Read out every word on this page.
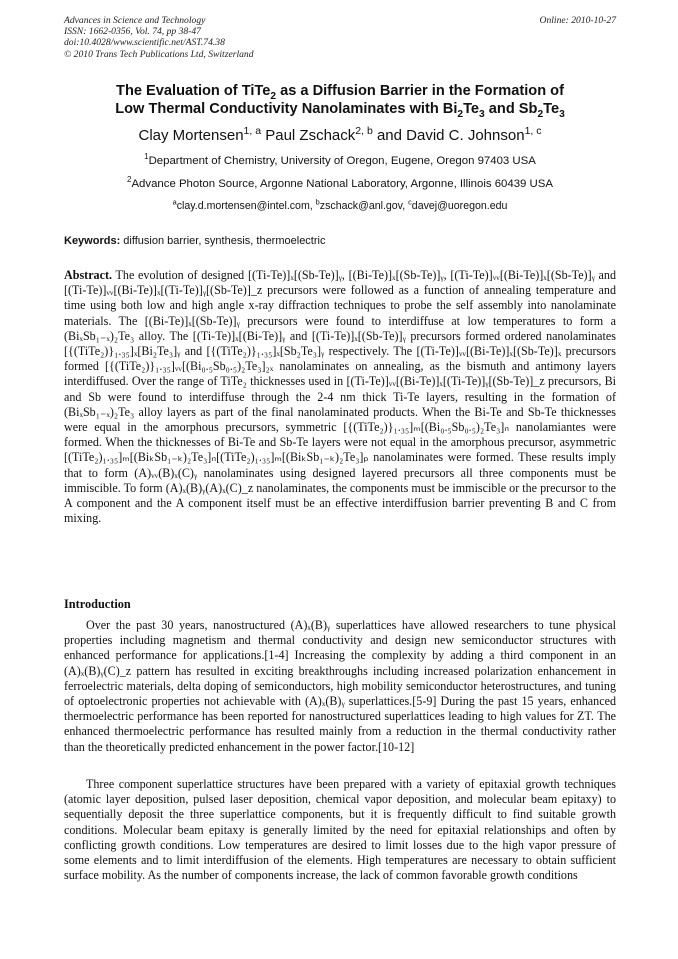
Advances in Science and Technology
ISSN: 1662-0356, Vol. 74, pp 38-47
doi:10.4028/www.scientific.net/AST.74.38
© 2010 Trans Tech Publications Ltd, Switzerland
Online: 2010-10-27
The Evaluation of TiTe$_2$ as a Diffusion Barrier in the Formation of
Low Thermal Conductivity Nanolaminates with $Bi_2Te_3$ and $Sb_2Te_3$
Clay Mortensen$^{1, a}$ Paul Zschack$^{2, b}$ and David C. Johnson$^{1, c}$
$^1$Department of Chemistry, University of Oregon, Eugene, Oregon 97403 USA
$^2$Advance Photon Source, Argonne National Laboratory, Argonne, Illinois 60439 USA
$^a$clay.d.mortensen@intel.com, $^b$zschack@anl.gov, $^c$davej@uoregon.edu
Keywords: diffusion barrier, synthesis, thermoelectric
Abstract. The evolution of designed [(Ti-Te)]ₓ[(Sb-Te)]ᵧ, [(Bi-Te)]ₓ[(Sb-Te)]ᵧ, [(Ti-Te)]ᵥᵥ[(Bi-Te)]ₓ[(Sb-Te)]ᵧ and [(Ti-Te)]ᵥᵥ[(Bi-Te)]ₓ[(Ti-Te)]ᵧ[(Sb-Te)]_z precursors were followed as a function of annealing temperature and time using both low and high angle x-ray diffraction techniques to probe the self assembly into nanolaminate materials. The [(Bi-Te)]ₓ[(Sb-Te)]ᵧ precursors were found to interdiffuse at low temperatures to form a (BiₓSb₁₋ₓ)₂Te₃ alloy. The [(Ti-Te)]ₓ[(Bi-Te)]ᵧ and [(Ti-Te)]ₓ[(Sb-Te)]ᵧ precursors formed ordered nanolaminates [{(TiTe₂)}₁.₃₅]ₓ[Bi₂Te₃]ᵧ and [{(TiTe₂)}₁.₃₅]ₓ[Sb₂Te₃]ᵧ respectively. The [(Ti-Te)]ᵥᵥ[(Bi-Te)]ₓ[(Sb-Te)]ₓ precursors formed [{(TiTe₂)}₁.₃₅]ᵥᵥ[(Bi₀.₅Sb₀.₅)₂Te₃]₂ₓ nanolaminates on annealing, as the bismuth and antimony layers interdiffused. Over the range of TiTe₂ thicknesses used in [(Ti-Te)]ᵥᵥ[(Bi-Te)]ₓ[(Ti-Te)]ᵧ[(Sb-Te)]_z precursors, Bi and Sb were found to interdiffuse through the 2-4 nm thick Ti-Te layers, resulting in the formation of (BiₓSb₁₋ₓ)₂Te₃ alloy layers as part of the final nanolaminated products. When the Bi-Te and Sb-Te thicknesses were equal in the amorphous precursors, symmetric [{(TiTe₂)}₁.₃₅]ₘ[(Bi₀.₅Sb₀.₅)₂Te₃]ₙ nanolamiantes were formed. When the thicknesses of Bi-Te and Sb-Te layers were not equal in the amorphous precursor, asymmetric [(TiTe₂)₁.₃₅]ₘ[(BiₖSb₁₋ₖ)₂Te₃]ₙ[(TiTe₂)₁.₃₅]ₘ[(BiₖSb₁₋ₖ)₂Te₃]ₚ nanolaminates were formed. These results imply that to form (A)ᵥᵥ(B)ₓ(C)ᵧ nanolaminates using designed layered precursors all three components must be immiscible. To form (A)ₓ(B)ᵧ(A)ₓ(C)_z nanolaminates, the components must be immiscible or the precursor to the A component and the A component itself must be an effective interdiffusion barrier preventing B and C from mixing.
Introduction
Over the past 30 years, nanostructured (A)ₓ(B)ᵧ superlattices have allowed researchers to tune physical properties including magnetism and thermal conductivity and design new semiconductor structures with enhanced performance for applications.[1-4] Increasing the complexity by adding a third component in an (A)ₓ(B)ᵧ(C)_z pattern has resulted in exciting breakthroughs including increased polarization enhancement in ferroelectric materials, delta doping of semiconductors, high mobility semiconductor heterostructures, and tuning of optoelectronic properties not achievable with (A)ₓ(B)ᵧ superlattices.[5-9] During the past 15 years, enhanced thermoelectric performance has been reported for nanostructured superlattices leading to high values for ZT. The enhanced thermoelectric performance has resulted mainly from a reduction in the thermal conductivity rather than the theoretically predicted enhancement in the power factor.[10-12]
Three component superlattice structures have been prepared with a variety of epitaxial growth techniques (atomic layer deposition, pulsed laser deposition, chemical vapor deposition, and molecular beam epitaxy) to sequentially deposit the three superlattice components, but it is frequently difficult to find suitable growth conditions. Molecular beam epitaxy is generally limited by the need for epitaxial relationships and often by conflicting growth conditions. Low temperatures are desired to limit losses due to the high vapor pressure of some elements and to limit interdiffusion of the elements. High temperatures are necessary to obtain sufficient surface mobility. As the number of components increase, the lack of common favorable growth conditions
